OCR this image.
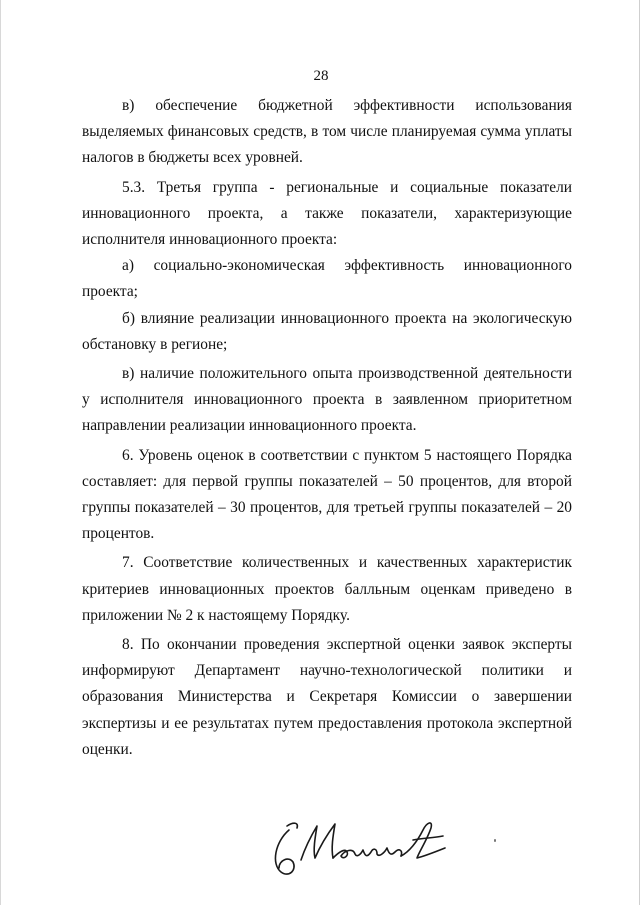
28

в) обеспечение бюджетной эффективности использования выделяемых финансовых средств, в том числе планируемая сумма уплаты налогов в бюджеты всех уровней.

5.3. Третья группа - региональные и социальные показатели инновационного проекта, а также показатели, характеризующие исполнителя инновационного проекта:

а) социально-экономическая эффективность инновационного проекта;

б) влияние реализации инновационного проекта на экологическую обстановку в регионе;

в) наличие положительного опыта производственной деятельности у исполнителя инновационного проекта в заявленном приоритетном направлении реализации инновационного проекта.

6. Уровень оценок в соответствии с пунктом 5 настоящего Порядка составляет: для первой группы показателей – 50 процентов, для второй группы показателей – 30 процентов, для третьей группы показателей – 20 процентов.

7. Соответствие количественных и качественных характеристик критериев инновационных проектов балльным оценкам приведено в приложении № 2 к настоящему Порядку.

8. По окончании проведения экспертной оценки заявок эксперты информируют Департамент научно-технологической политики и образования Министерства и Секретаря Комиссии о завершении экспертизы и ее результатах путем предоставления протокола экспертной оценки.
